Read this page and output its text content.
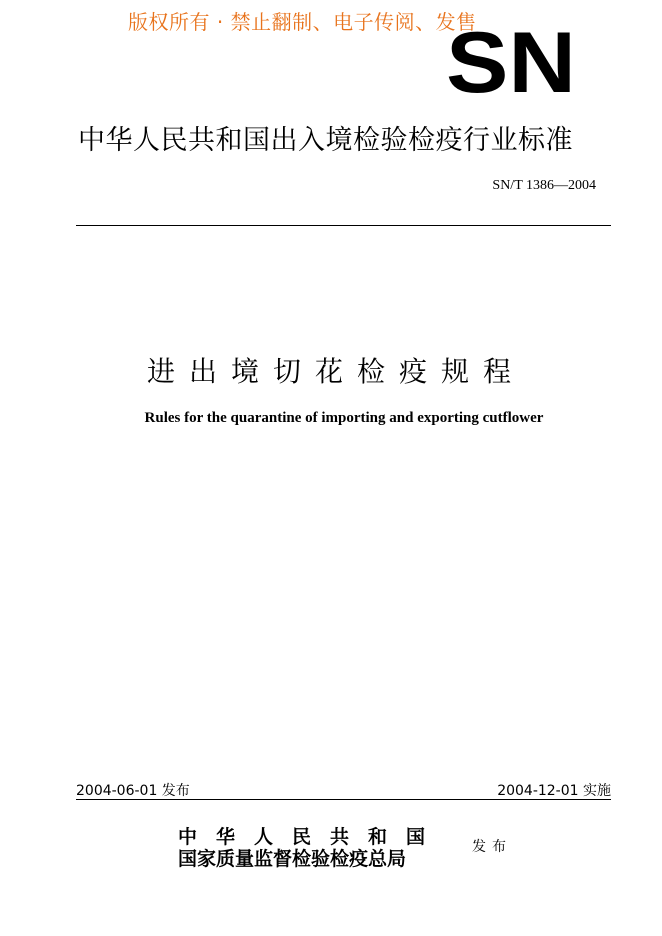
版权所有 · 禁止翻制、电子传阅、发售
SN
中华人民共和国出入境检验检疫行业标准
SN/T 1386—2004
进出境切花检疫规程
Rules for the quarantine of importing and exporting cutflower
2004-06-01 发布	2004-12-01 实施
中华人民共和国
国家质量监督检验检疫总局
发布
